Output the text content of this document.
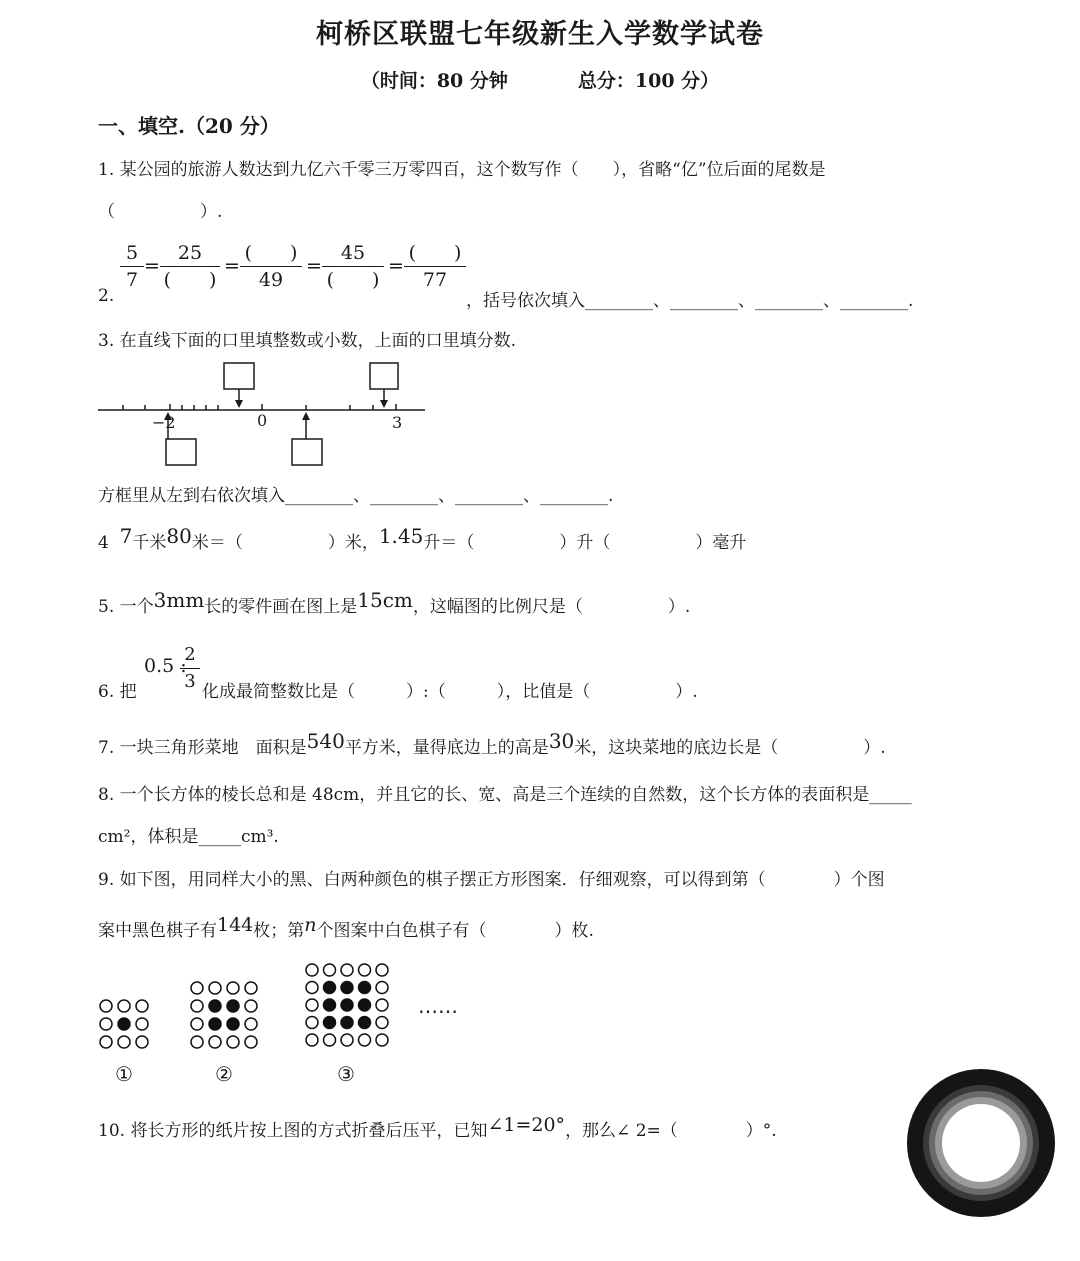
柯桥区联盟七年级新生入学数学试卷
（时间：80 分钟	总分：100 分）
一、填空.（20 分）
1. 某公园的旅游人数达到九亿六千零三万零四百，这个数写作（　　），省略“亿”位后面的尾数是
（　　　　　）.
2.
5
7
=
25
(　　)
=
(　　)
49
=
45
(　　)
=
(　　)
77
，括号依次填入________、________、________、________.
3. 在直线下面的口里填整数或小数，上面的口里填分数.
−2	0	3
方框里从左到右依次填入________、________、________、________.
4 7千米80米＝（　　　　　）米，1.45升＝（　　　　　）升（　　　　　）毫升
5. 一个3mm长的零件画在图上是15cm，这幅图的比例尺是（　　　　　）.
6. 把
0.5 :
2
3 化成最简整数比是（　　　）:（　　　），比值是（　　　　　）.
7. 一块三角形菜地　面积是540平方米，量得底边上的高是30米，这块菜地的底边长是（　　　　　）.
8. 一个长方体的棱长总和是 48cm，并且它的长、宽、高是三个连续的自然数，这个长方体的表面积是_____
cm²，体积是_____cm³.
9. 如下图，用同样大小的黑、白两种颜色的棋子摆正方形图案．仔细观察，可以得到第（　　　　）个图
案中黑色棋子有144枚；第n个图案中白色棋子有（　　　　）枚.
①	②	③
……
10. 将长方形的纸片按上图的方式折叠后压平，已知∠1=20°，那么∠ 2=（　　　　）°.
